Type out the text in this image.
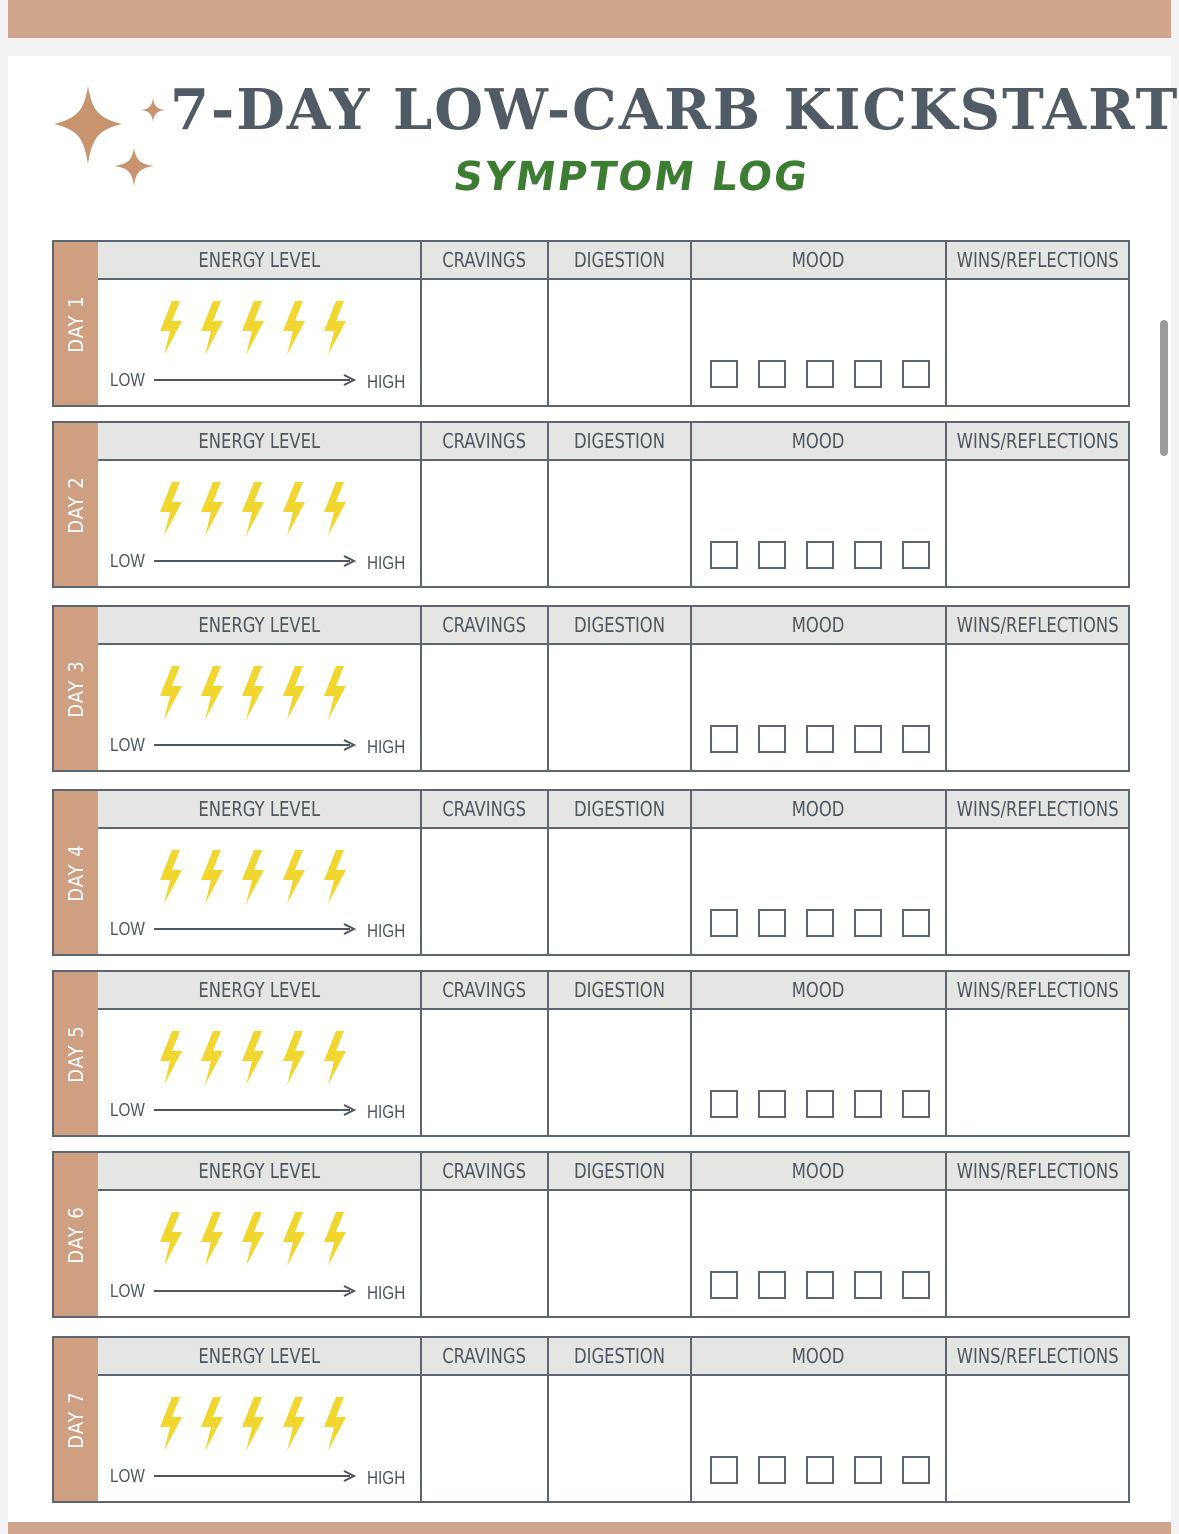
7-DAY LOW-CARB KICKSTART
SYMPTOM LOG
DAY 1
ENERGY LEVEL	CRAVINGS DIGESTION	MOOD	WINS/REFLECTIONS
LOW	HIGH
DAY 2
ENERGY LEVEL	CRAVINGS DIGESTION	MOOD	WINS/REFLECTIONS
LOW	HIGH
DAY 3
ENERGY LEVEL	CRAVINGS DIGESTION	MOOD	WINS/REFLECTIONS
LOW	HIGH
DAY 4
ENERGY LEVEL	CRAVINGS DIGESTION	MOOD	WINS/REFLECTIONS
LOW	HIGH
DAY 5
ENERGY LEVEL	CRAVINGS DIGESTION	MOOD	WINS/REFLECTIONS
LOW	HIGH
DAY 6
ENERGY LEVEL	CRAVINGS DIGESTION	MOOD	WINS/REFLECTIONS
LOW	HIGH
DAY 7
ENERGY LEVEL	CRAVINGS DIGESTION	MOOD	WINS/REFLECTIONS
LOW	HIGH
